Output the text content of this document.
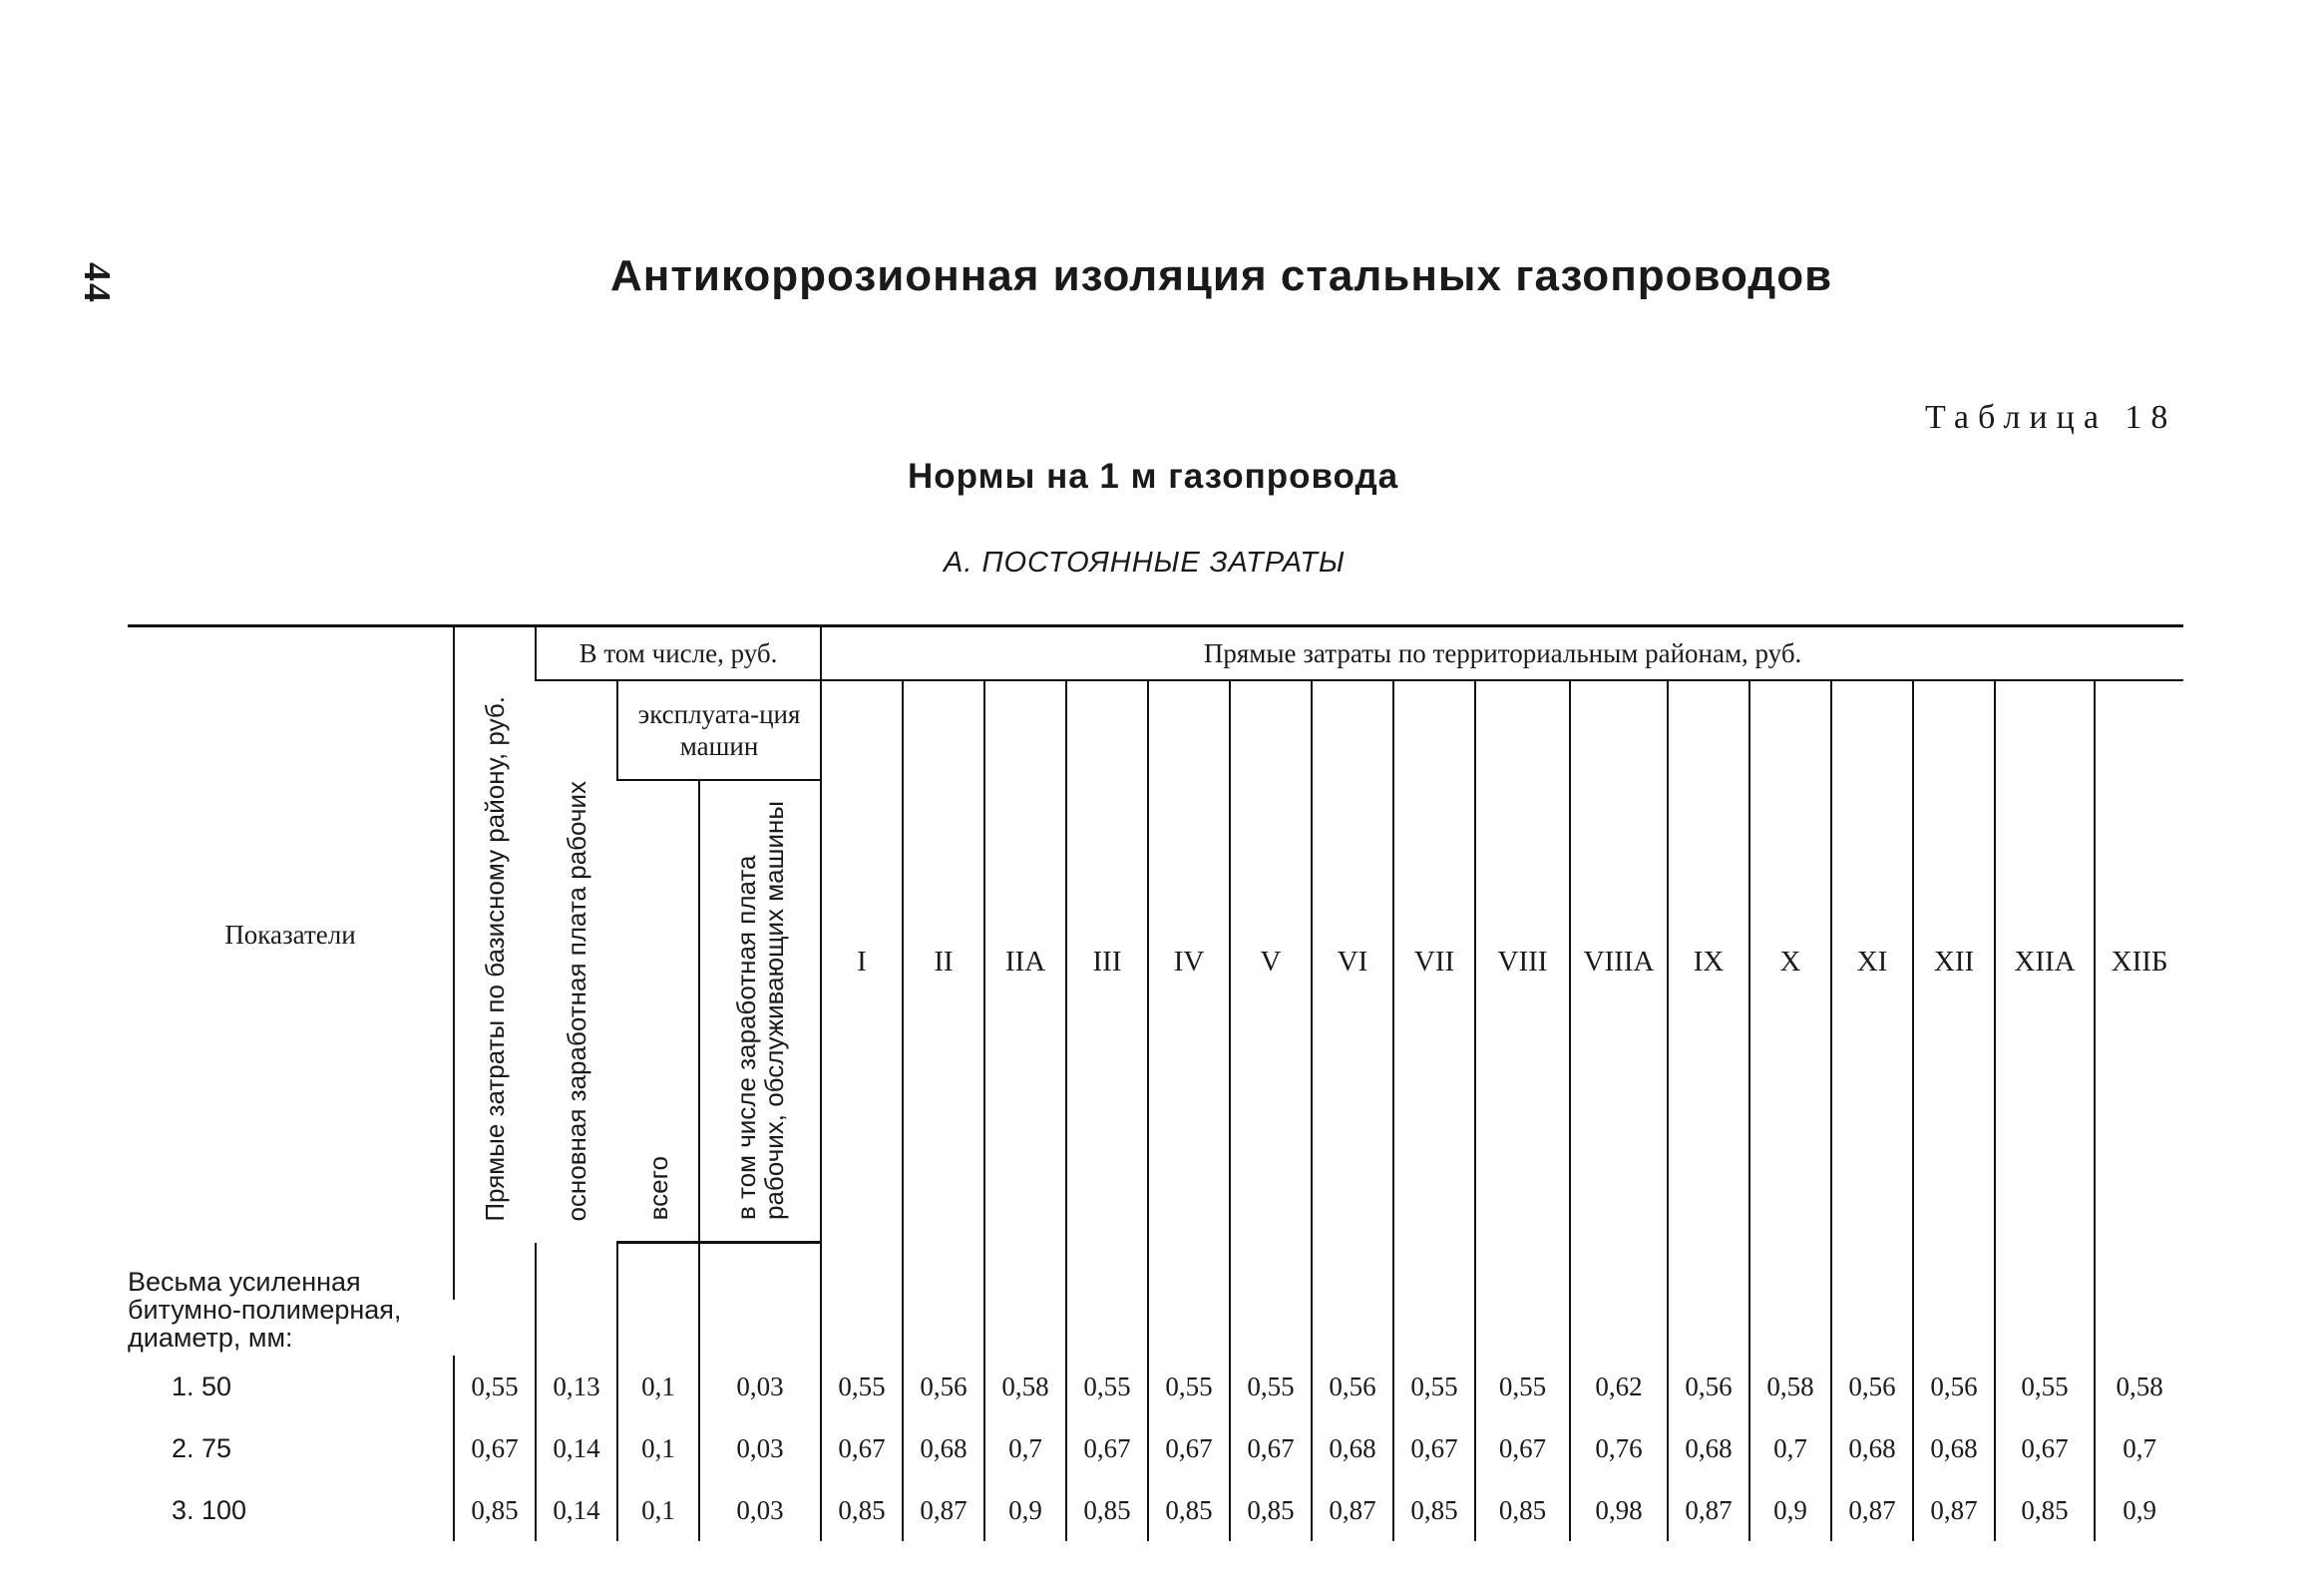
44	Антикоррозионная изоляция стальных газопроводов
Таблица 18
Нормы на 1 м газопровода
А. ПОСТОЯННЫЕ ЗАТРАТЫ
Показатели	Прямые затраты по базисному району, руб.	В том числе, руб.			Прямые затраты по территориальным районам, руб.															
		основная заработная плата рабочих	эксплуата-ция машин		I	II	IIА	III	IV	V	VI	VII	VIII	VIIIА	IX	X	XI	XII	XIIА	XIIБ
			всего	в том числе заработная плата рабочих, обслуживающих машины																
Весьма усиленная битумно-полимерная, диаметр, мм:																				

1. 50	0,55	0,13	0,1	0,03	0,55	0,56	0,58	0,55	0,55	0,55	0,56	0,55	0,55	0,62	0,56	0,58	0,56	0,56	0,55	0,58
2. 75	0,67	0,14	0,1	0,03	0,67	0,68	0,7	0,67	0,67	0,67	0,68	0,67	0,67	0,76	0,68	0,7	0,68	0,68	0,67	0,7
3. 100	0,85	0,14	0,1	0,03	0,85	0,87	0,9	0,85	0,85	0,85	0,87	0,85	0,85	0,98	0,87	0,9	0,87	0,87	0,85	0,9
